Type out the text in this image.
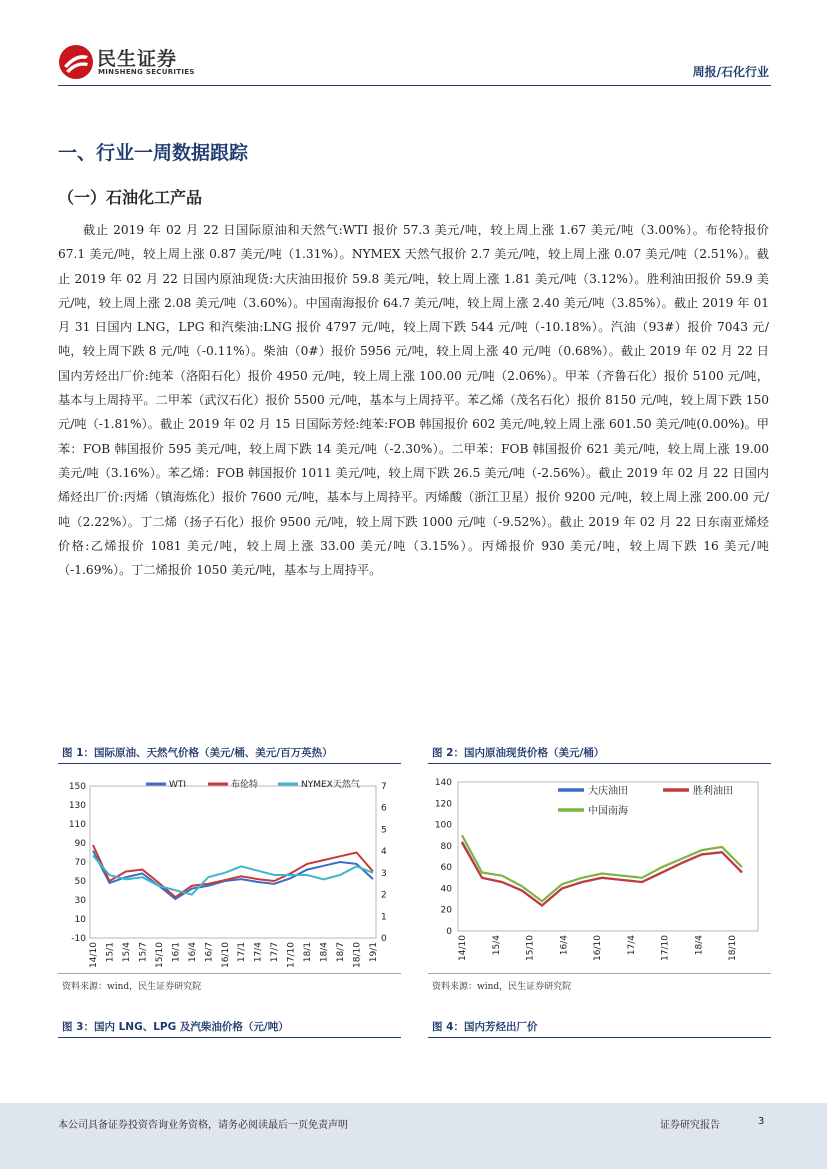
民生证券
MINSHENG SECURITIES	周报/石化行业
一、行业一周数据跟踪
（一）石油化工产品
截止 2019 年 02 月 22 日国际原油和天然气:WTI 报价 57.3 美元/吨，较上周上涨 1.67 美元/吨（3.00%）。布伦特报价 67.1 美元/吨，较上周上涨 0.87 美元/吨（1.31%）。NYMEX 天然气报价 2.7 美元/吨，较上周上涨 0.07 美元/吨（2.51%）。截止 2019 年 02 月 22 日国内原油现货:大庆油田报价 59.8 美元/吨，较上周上涨 1.81 美元/吨（3.12%）。胜利油田报价 59.9 美元/吨，较上周上涨 2.08 美元/吨（3.60%）。中国南海报价 64.7 美元/吨，较上周上涨 2.40 美元/吨（3.85%）。截止 2019 年 01 月 31 日国内 LNG，LPG 和汽柴油:LNG 报价 4797 元/吨，较上周下跌 544 元/吨（-10.18%）。汽油（93#）报价 7043 元/吨，较上周下跌 8 元/吨（-0.11%）。柴油（0#）报价 5956 元/吨，较上周上涨 40 元/吨（0.68%）。截止 2019 年 02 月 22 日国内芳烃出厂价:纯苯（洛阳石化）报价 4950 元/吨，较上周上涨 100.00 元/吨（2.06%）。甲苯（齐鲁石化）报价 5100 元/吨，基本与上周持平。二甲苯（武汉石化）报价 5500 元/吨，基本与上周持平。苯乙烯（茂名石化）报价 8150 元/吨，较上周下跌 150 元/吨（-1.81%）。截止 2019 年 02 月 15 日国际芳烃:纯苯:FOB 韩国报价 602 美元/吨,较上周上涨 601.50 美元/吨(0.00%)。甲苯：FOB 韩国报价 595 美元/吨，较上周下跌 14 美元/吨（-2.30%）。二甲苯：FOB 韩国报价 621 美元/吨，较上周上涨 19.00 美元/吨（3.16%）。苯乙烯：FOB 韩国报价 1011 美元/吨，较上周下跌 26.5 美元/吨（-2.56%）。截止 2019 年 02 月 22 日国内烯烃出厂价:丙烯（镇海炼化）报价 7600 元/吨，基本与上周持平。丙烯酸（浙江卫星）报价 9200 元/吨，较上周上涨 200.00 元/吨（2.22%）。丁二烯（扬子石化）报价 9500 元/吨，较上周下跌 1000 元/吨（-9.52%）。截止 2019 年 02 月 22 日东南亚烯烃价格:乙烯报价 1081 美元/吨，较上周上涨 33.00 美元/吨（3.15%）。丙烯报价 930 美元/吨，较上周下跌 16 美元/吨（-1.69%）。丁二烯报价 1050 美元/吨，基本与上周持平。
图 1：国际原油、天然气价格（美元/桶、美元/百万英热）	图 2：国内原油现货价格（美元/桶）
150
130
110
90
70
50
30
10
-10
7
6
5
4
3
2
1
0
14/10 15/1 15/4 15/7 15/10 16/1 16/4 16/7 16/10 17/1 17/4 17/7 17/10 18/1 18/4 18/7 18/10 19/1
WTI	布伦特	NYMEX天然气	140
120
100
80
60
40
20
0
14/10	15/4	15/10	16/4	16/10	17/4	17/10	18/4	18/10
大庆油田	胜利油田
中国南海
资料来源：wind，民生证券研究院	资料来源：wind，民生证券研究院
图 3：国内 LNG、LPG 及汽柴油价格（元/吨）	图 4：国内芳烃出厂价
本公司具备证券投资咨询业务资格，请务必阅读最后一页免责声明	证券研究报告	3
